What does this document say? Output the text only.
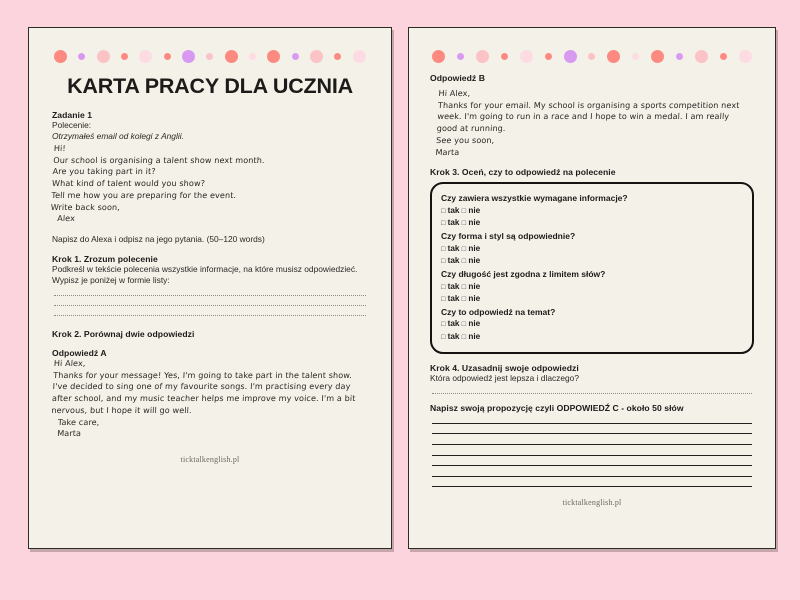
KARTA PRACY DLA UCZNIA
Zadanie 1
Polecenie:
Otrzymałeś email od kolegi z Anglii.
Hi!
Our school is organising a talent show next month.
Are you taking part in it?
What kind of talent would you show?
Tell me how you are preparing for the event.
Write back soon,
Alex
Napisz do Alexa i odpisz na jego pytania. (50–120 words)
Krok 1. Zrozum polecenie
Podkreśl w tekście polecenia wszystkie informacje, na które musisz odpowiedzieć.
Wypisz je poniżej w formie listy:
Krok 2. Porównaj dwie odpowiedzi
Odpowiedź A
Hi Alex,
Thanks for your message! Yes, I'm going to take part in the talent show.
I've decided to sing one of my favourite songs. I'm practising every day
after school, and my music teacher helps me improve my voice. I'm a bit
nervous, but I hope it will go well.
Take care,
Marta
ticktalkenglish.pl
Odpowiedź B
Hi Alex,
Thanks for your email. My school is organising a sports competition next
week. I'm going to run in a race and I hope to win a medal. I am really
good at running.
See you soon,
Marta
Krok 3. Oceń, czy to odpowiedź na polecenie
Czy zawiera wszystkie wymagane informacje?
□ tak □ nie
□ tak □ nie
Czy forma i styl są odpowiednie?
□ tak □ nie
□ tak □ nie
Czy długość jest zgodna z limitem słów?
□ tak □ nie
□ tak □ nie
Czy to odpowiedź na temat?
□ tak □ nie
□ tak □ nie
Krok 4. Uzasadnij swoje odpowiedzi
Która odpowiedź jest lepsza i dlaczego?
Napisz swoją propozycję czyli ODPOWIEDŹ C - około 50 słów
ticktalkenglish.pl
